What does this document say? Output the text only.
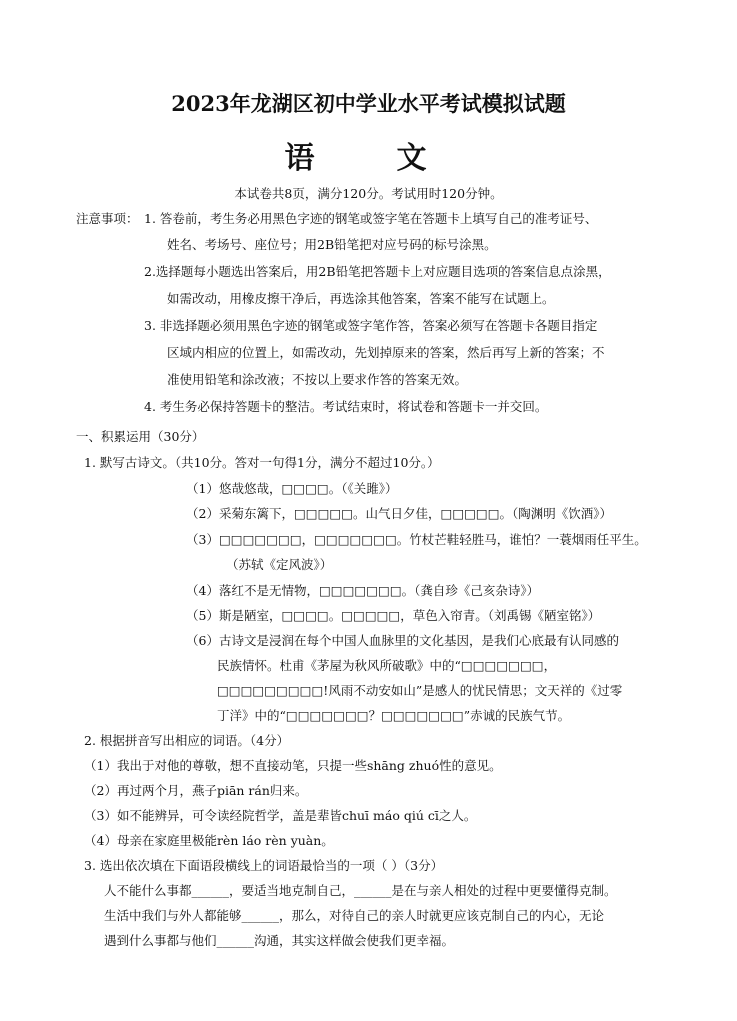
2023年龙湖区初中学业水平考试模拟试题
语　文
本试卷共8页，满分120分。考试用时120分钟。
注意事项： 1. 答卷前，考生务必用黑色字迹的钢笔或签字笔在答题卡上填写自己的准考证号、
姓名、考场号、座位号；用2B铅笔把对应号码的标号涂黑。
2.选择题每小题选出答案后，用2B铅笔把答题卡上对应题目选项的答案信息点涂黑，
如需改动，用橡皮擦干净后，再选涂其他答案，答案不能写在试题上。
3. 非选择题必须用黑色字迹的钢笔或签字笔作答，答案必须写在答题卡各题目指定
区域内相应的位置上，如需改动，先划掉原来的答案，然后再写上新的答案；不
准使用铅笔和涂改液；不按以上要求作答的答案无效。
4. 考生务必保持答题卡的整洁。考试结束时，将试卷和答题卡一并交回。
一、积累运用（30分）
1. 默写古诗文。（共10分。答对一句得1分，满分不超过10分。）
（1）悠哉悠哉，□□□□。（《关雎》）
（2）采菊东篱下，□□□□□。山气日夕佳，□□□□□。（陶渊明《饮酒》）
（3）□□□□□□□，□□□□□□□。竹杖芒鞋轻胜马，谁怕？一蓑烟雨任平生。
（苏轼《定风波》）
（4）落红不是无情物，□□□□□□□。（龚自珍《己亥杂诗》）
（5）斯是陋室，□□□□。□□□□□，草色入帘青。（刘禹锡《陋室铭》）
（6）古诗文是浸润在每个中国人血脉里的文化基因，是我们心底最有认同感的
民族情怀。杜甫《茅屋为秋风所破歌》中的“□□□□□□□，
□□□□□□□□□!风雨不动安如山”是感人的忧民情思；文天祥的《过零
丁洋》中的“□□□□□□□？□□□□□□□”赤诚的民族气节。
2. 根据拼音写出相应的词语。（4分）
（1）我出于对他的尊敬，想不直接动笔，只提一些shāng zhuó性的意见。
（2）再过两个月，燕子piān rán归来。
（3）如不能辨异，可令读经院哲学，盖是辈皆chuī máo qiú cī之人。
（4）母亲在家庭里极能rèn láo rèn yuàn。
3. 选出依次填在下面语段横线上的词语最恰当的一项（ ）（3分）
人不能什么事都______，要适当地克制自己，______是在与亲人相处的过程中更要懂得克制。
生活中我们与外人都能够______，那么，对待自己的亲人时就更应该克制自己的内心，无论
遇到什么事都与他们______沟通，其实这样做会使我们更幸福。
